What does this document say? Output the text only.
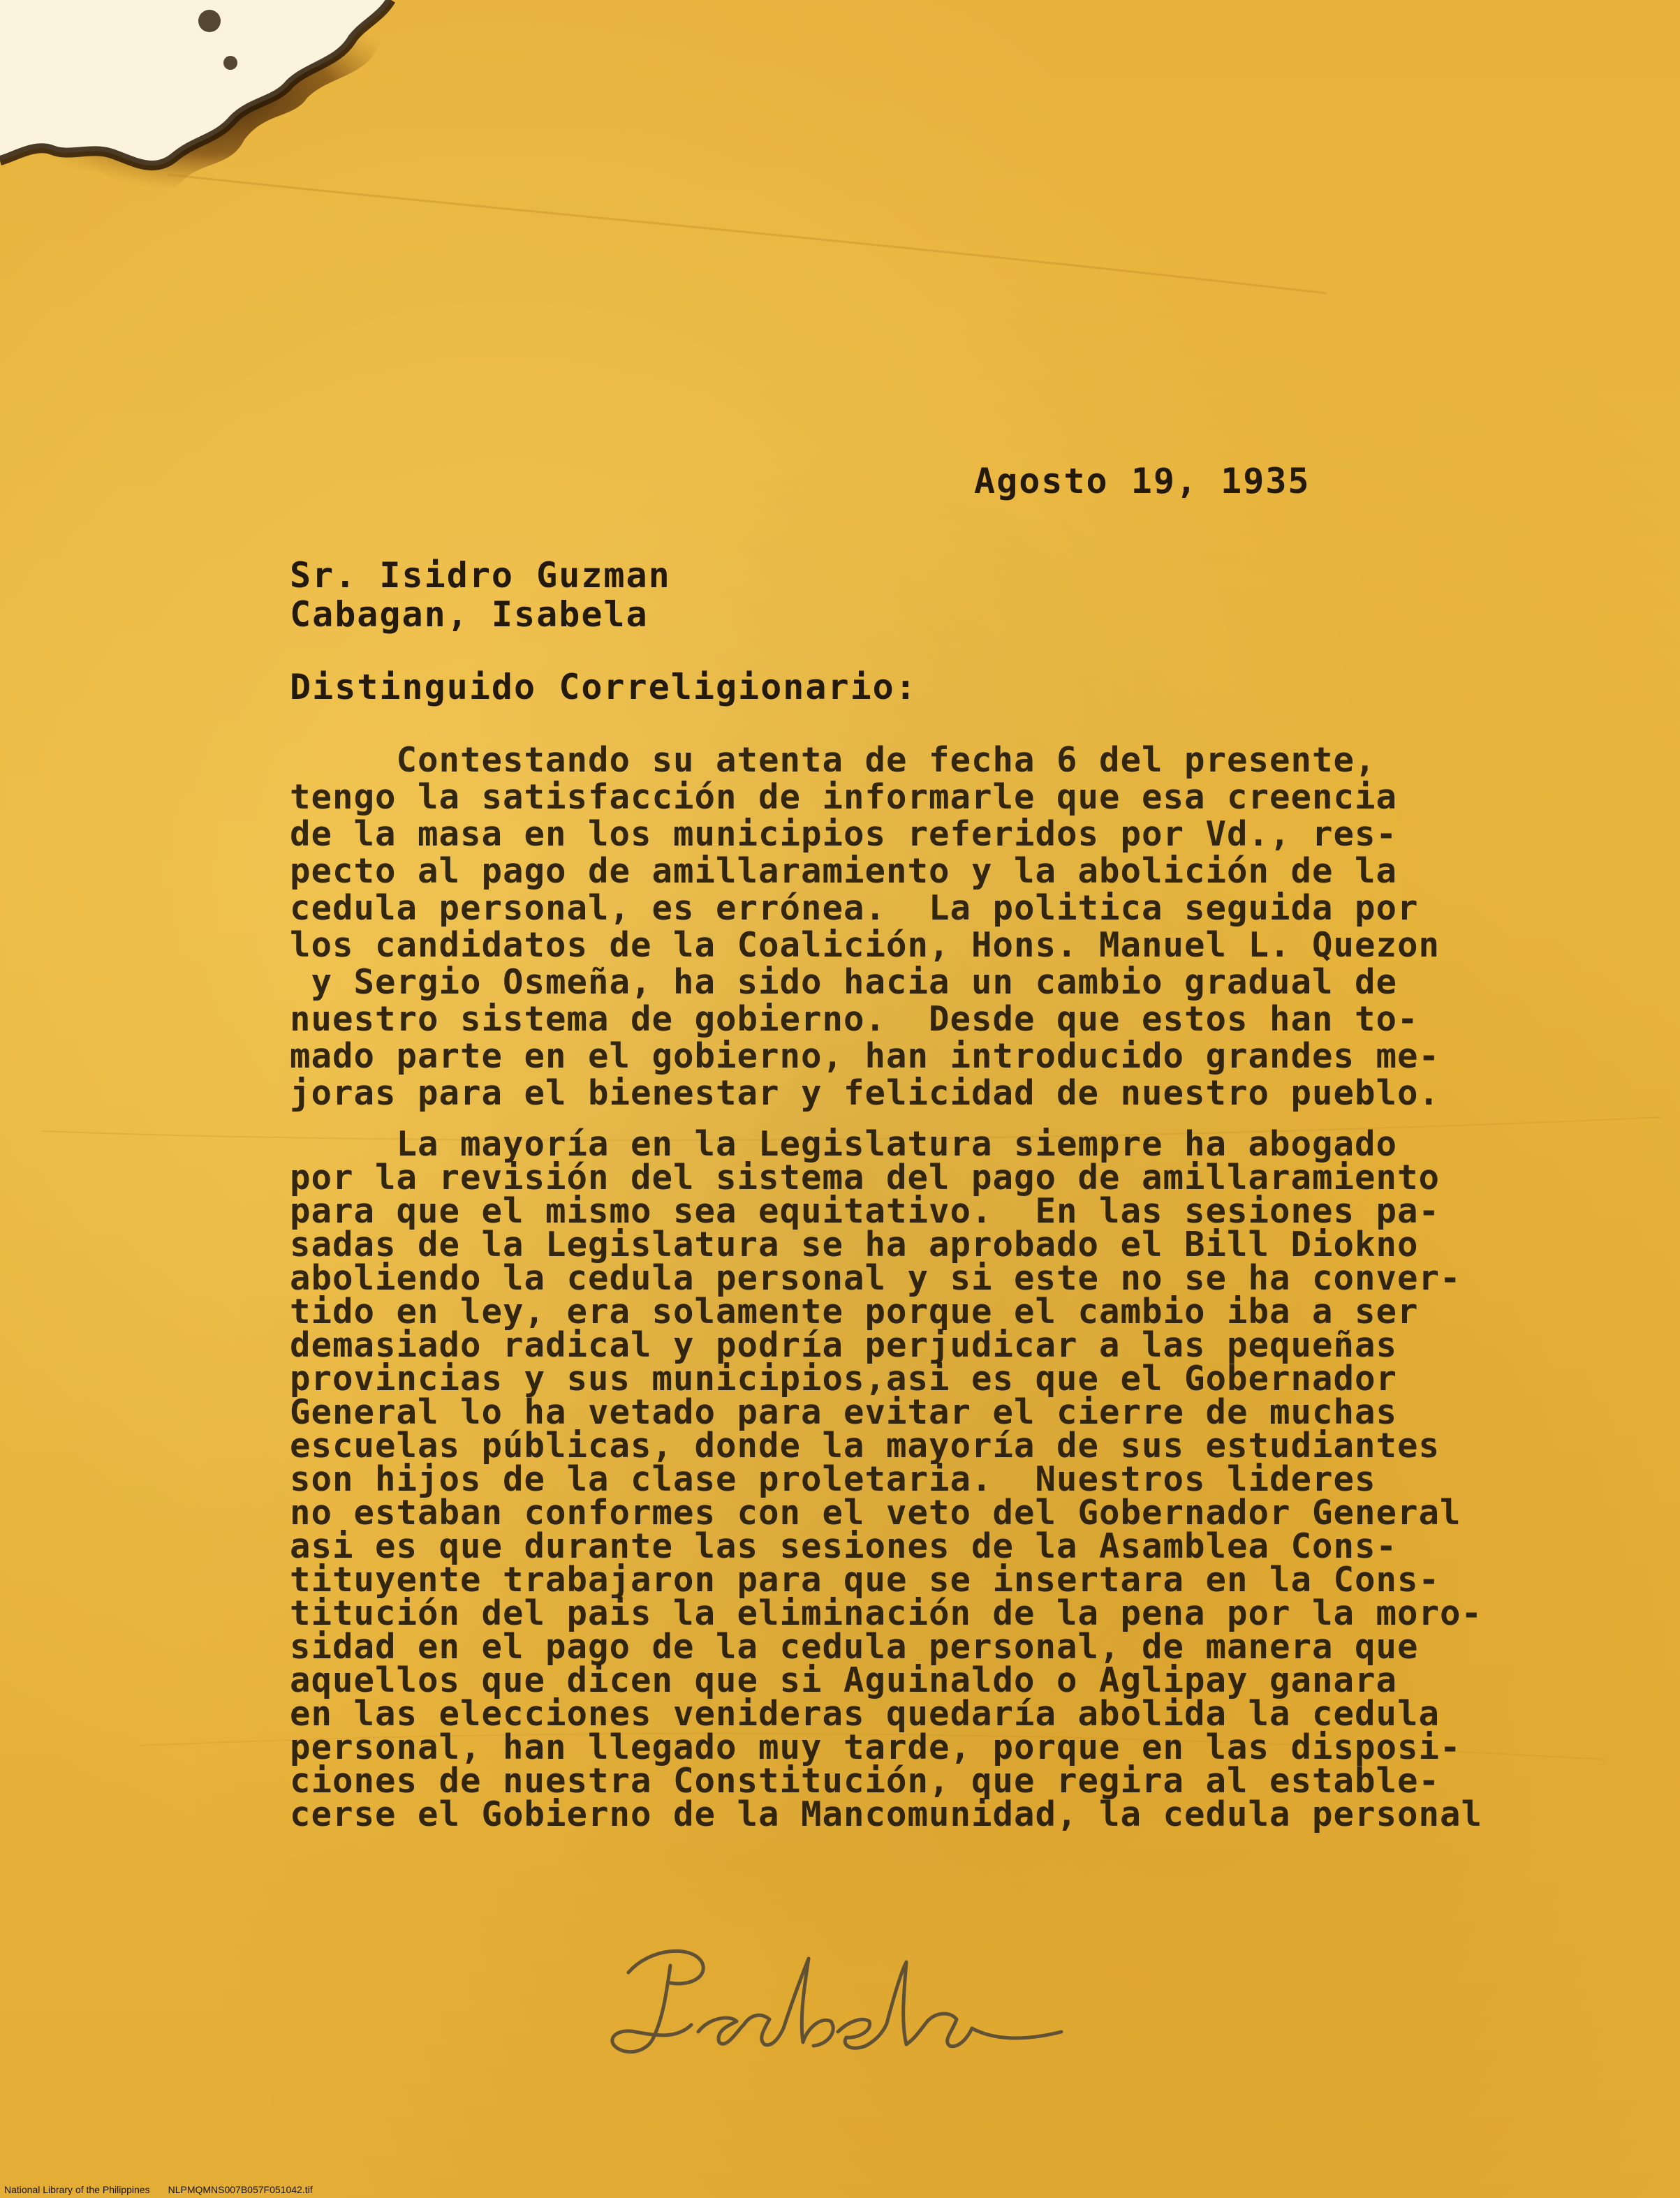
Agosto 19, 1935
Sr. Isidro Guzman
Cabagan, Isabela
Distinguido Correligionario:
Contestando su atenta de fecha 6 del presente,
tengo la satisfacción de informarle que esa creencia
de la masa en los municipios referidos por Vd., res-
pecto al pago de amillaramiento y la abolición de la
cedula personal, es errónea.  La politica seguida por
los candidatos de la Coalición, Hons. Manuel L. Quezon
y Sergio Osmeña, ha sido hacia un cambio gradual de
nuestro sistema de gobierno.  Desde que estos han to-
mado parte en el gobierno, han introducido grandes me-
joras para el bienestar y felicidad de nuestro pueblo.
La mayoría en la Legislatura siempre ha abogado
por la revisión del sistema del pago de amillaramiento
para que el mismo sea equitativo.  En las sesiones pa-
sadas de la Legislatura se ha aprobado el Bill Diokno
aboliendo la cedula personal y si este no se ha conver-
tido en ley, era solamente porque el cambio iba a ser
demasiado radical y podría perjudicar a las pequeñas
provincias y sus municipios,asi es que el Gobernador
General lo ha vetado para evitar el cierre de muchas
escuelas públicas, donde la mayoría de sus estudiantes
son hijos de la clase proletaria.  Nuestros lideres
no estaban conformes con el veto del Gobernador General
asi es que durante las sesiones de la Asamblea Cons-
tituyente trabajaron para que se insertara en la Cons-
titución del pais la eliminación de la pena por la moro-
sidad en el pago de la cedula personal, de manera que
aquellos que dicen que si Aguinaldo o Aglipay ganara
en las elecciones venideras quedaría abolida la cedula
personal, han llegado muy tarde, porque en las disposi-
ciones de nuestra Constitución, que regira al estable-
cerse el Gobierno de la Mancomunidad, la cedula personal
National Library of the Philippines NLPMQMNS007B057F051042.tif
